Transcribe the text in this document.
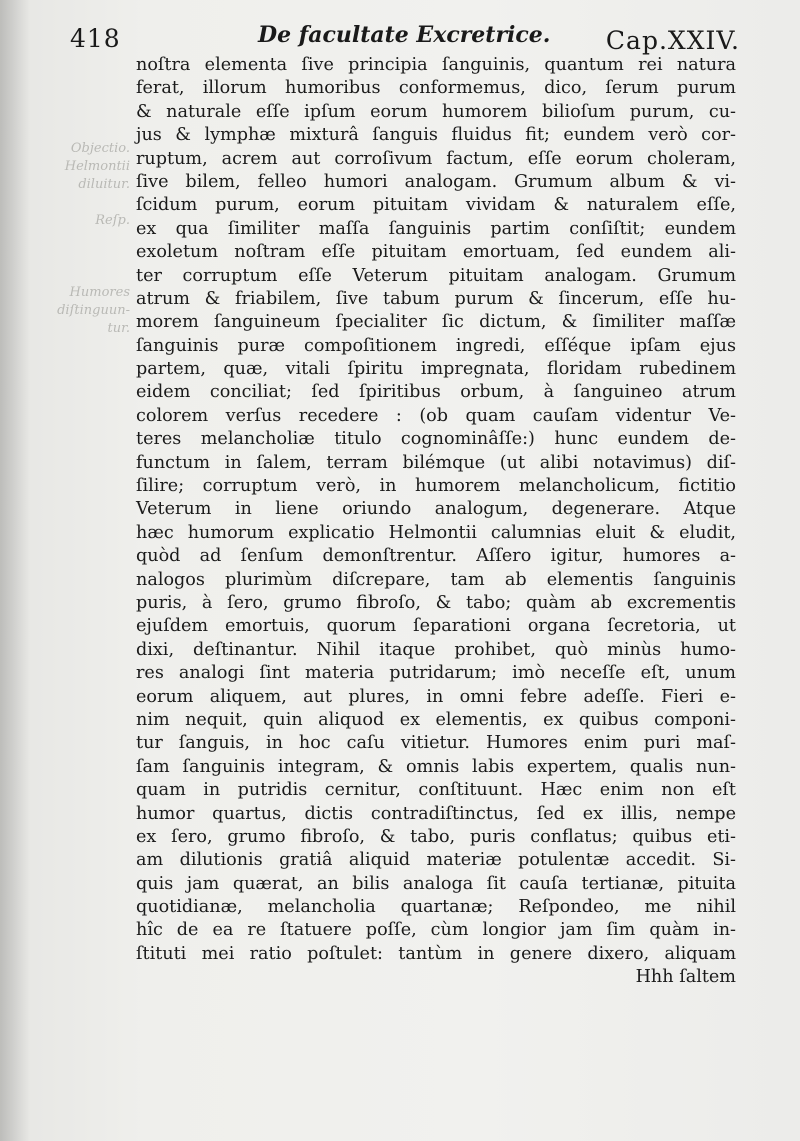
418	De facultate Excretrice. Cap.XXIV.
Objectio.
Helmontii
diluitur.
Reſp.
Humores
diſtinguun-
tur.
noſtra elementa ſive principia ſanguinis, quantum rei natura
ferat, illorum humoribus conformemus, dico, ſerum purum
& naturale eſſe ipſum eorum humorem bilioſum purum, cu-
jus & lymphæ mixturâ ſanguis fluidus fit; eundem verò cor-
ruptum, acrem aut corroſivum factum, eſſe eorum choleram,
ſive bilem, felleo humori analogam. Grumum album & vi-
ſcidum purum, eorum pituitam vividam & naturalem eſſe,
ex qua ſimiliter maſſa ſanguinis partim conſiſtit; eundem
exoletum noſtram eſſe pituitam emortuam, ſed eundem ali-
ter corruptum eſſe Veterum pituitam analogam. Grumum
atrum & friabilem, ſive tabum purum & ſincerum, eſſe hu-
morem ſanguineum ſpecialiter ſic dictum, & ſimiliter maſſæ
ſanguinis puræ compoſitionem ingredi, eſſéque ipſam ejus
partem, quæ, vitali ſpiritu impregnata, floridam rubedinem
eidem conciliat; ſed ſpiritibus orbum, à ſanguineo atrum
colorem verſus recedere : (ob quam cauſam videntur Ve-
teres melancholiæ titulo cognominâſſe:) hunc eundem de-
functum in ſalem, terram bilémque (ut alibi notavimus) diſ-
ſilire; corruptum verò, in humorem melancholicum, fictitio
Veterum in liene oriundo analogum, degenerare. Atque
hæc humorum explicatio Helmontii calumnias eluit & eludit,
quòd ad ſenſum demonſtrentur. Aſſero igitur, humores a-
nalogos plurimùm diſcrepare, tam ab elementis ſanguinis
puris, à ſero, grumo fibroſo, & tabo; quàm ab excrementis
ejuſdem emortuis, quorum ſeparationi organa ſecretoria, ut
dixi, deſtinantur. Nihil itaque prohibet, quò minùs humo-
res analogi ſint materia putridarum; imò neceſſe eſt, unum
eorum aliquem, aut plures, in omni febre adeſſe. Fieri e-
nim nequit, quin aliquod ex elementis, ex quibus componi-
tur ſanguis, in hoc caſu vitietur. Humores enim puri maſ-
ſam ſanguinis integram, & omnis labis expertem, qualis nun-
quam in putridis cernitur, conſtituunt. Hæc enim non eſt
humor quartus, dictis contradiſtinctus, ſed ex illis, nempe
ex ſero, grumo fibroſo, & tabo, puris conflatus; quibus eti-
am dilutionis gratiâ aliquid materiæ potulentæ accedit. Si-
quis jam quærat, an bilis analoga ſit cauſa tertianæ, pituita
quotidianæ, melancholia quartanæ; Reſpondeo, me nihil
hîc de ea re ſtatuere poſſe, cùm longior jam ſim quàm in-
ſtituti mei ratio poſtulet: tantùm in genere dixero, aliquam
Hhh ſaltem
